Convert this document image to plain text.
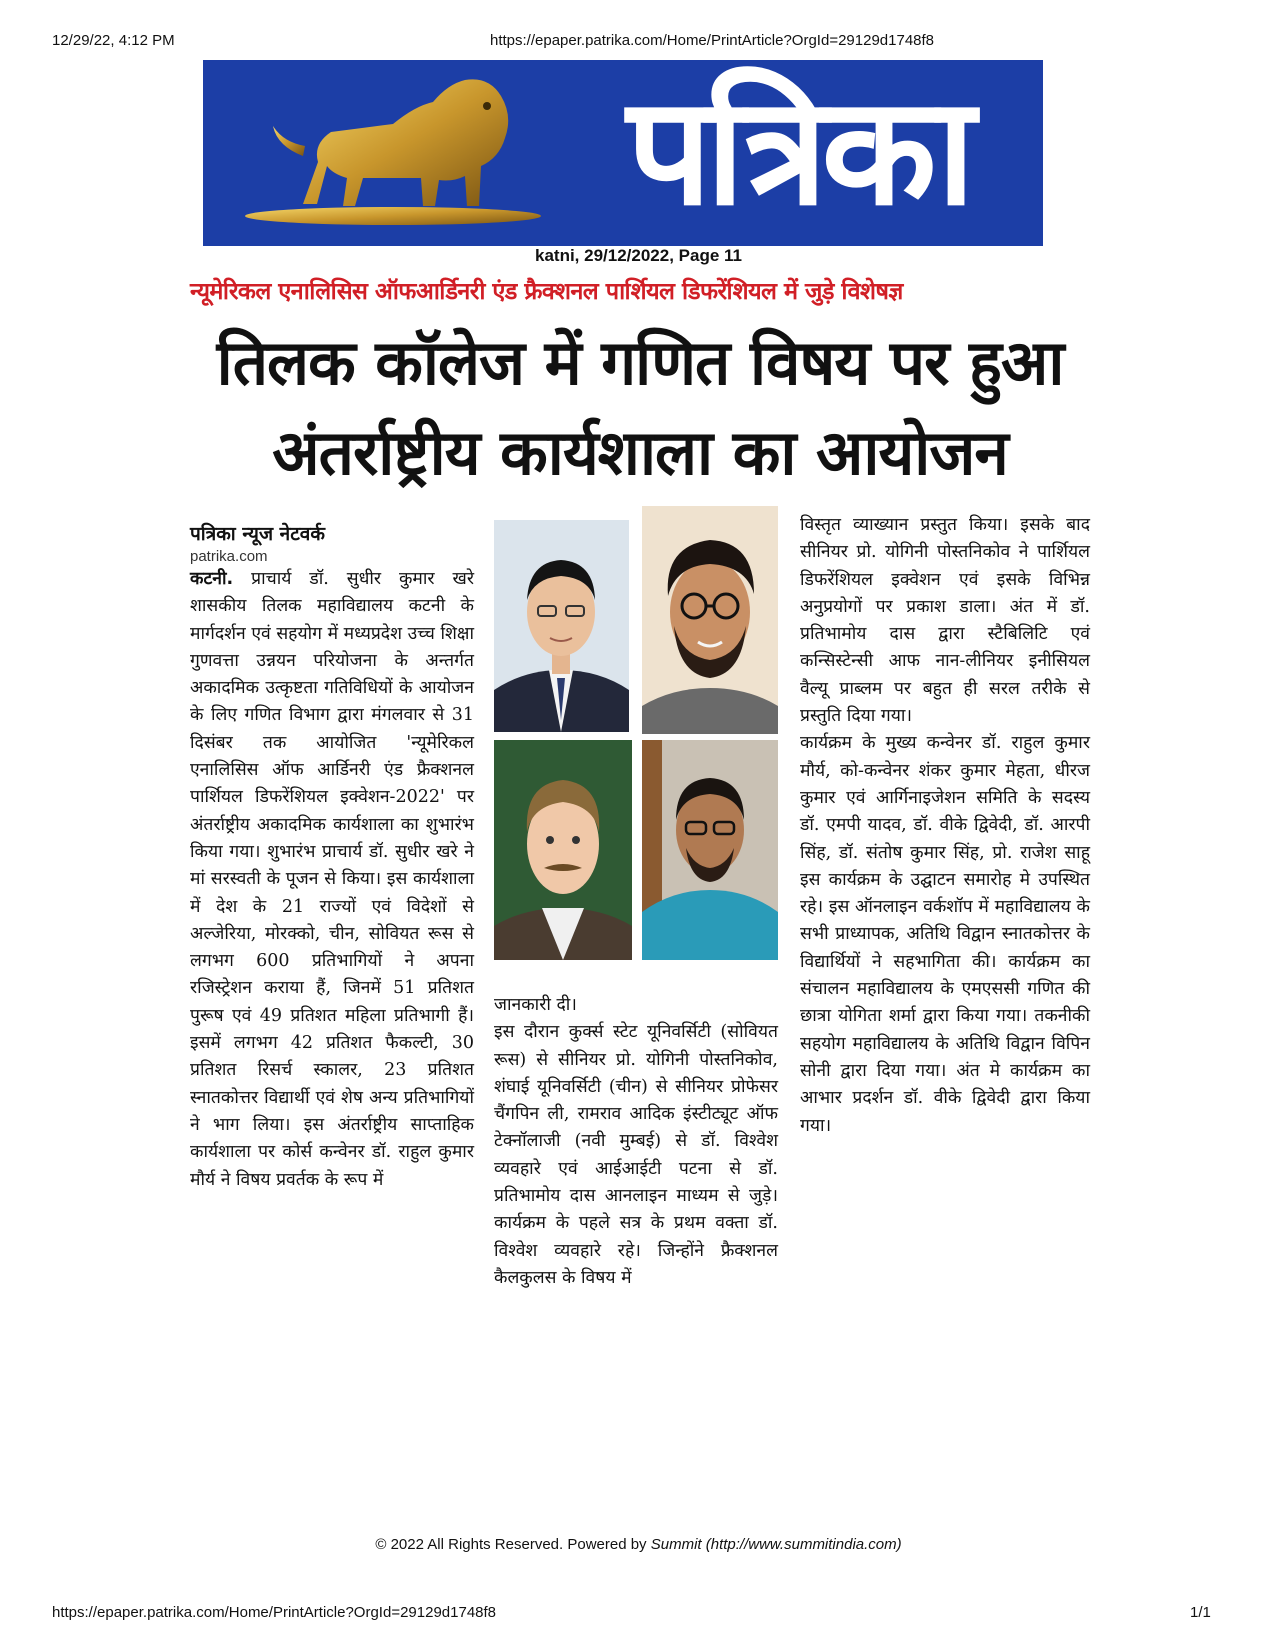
12/29/22, 4:12 PM	https://epaper.patrika.com/Home/PrintArticle?OrgId=29129d1748f8
पत्रिका
katni, 29/12/2022, Page 11
न्यूमेरिकल एनालिसिस ऑफआर्डिनरी एंड फ्रैक्शनल पार्शियल डिफरेंशियल में जुड़े विशेषज्ञ
तिलक कॉलेज में गणित विषय पर हुआ
अंतर्राष्ट्रीय कार्यशाला का आयोजन
पत्रिका न्यूज नेटवर्क
patrika.com
कटनी. प्राचार्य डॉ. सुधीर कुमार खरे शासकीय तिलक महाविद्यालय कटनी के मार्गदर्शन एवं सहयोग में मध्यप्रदेश उच्च शिक्षा गुणवत्ता उन्नयन परियोजना के अन्तर्गत अकादमिक उत्कृष्टता गतिविधियों के आयोजन के लिए गणित विभाग द्वारा मंगलवार से 31 दिसंबर तक आयोजित 'न्यूमेरिकल एनालिसिस ऑफ आर्डिनरी एंड फ्रैक्शनल पार्शियल डिफरेंशियल इक्वेशन-2022' पर अंतर्राष्ट्रीय अकादमिक कार्यशाला का शुभारंभ किया गया। शुभारंभ प्राचार्य डॉ. सुधीर खरे ने मां सरस्वती के पूजन से किया। इस कार्यशाला में देश के 21 राज्यों एवं विदेशों से अल्जेरिया, मोरक्को, चीन, सोवियत रूस से लगभग 600 प्रतिभागियों ने अपना रजिस्ट्रेशन कराया हैं, जिनमें 51 प्रतिशत पुरूष एवं 49 प्रतिशत महिला प्रतिभागी हैं। इसमें लगभग 42 प्रतिशत फैकल्टी, 30 प्रतिशत रिसर्च स्कालर, 23 प्रतिशत स्नातकोत्तर विद्यार्थी एवं शेष अन्य प्रतिभागियों ने भाग लिया। इस अंतर्राष्ट्रीय साप्ताहिक कार्यशाला पर कोर्स कन्वेनर डॉ. राहुल कुमार मौर्य ने विषय प्रवर्तक के रूप में
जानकारी दी।
इस दौरान कुर्क्स स्टेट यूनिवर्सिटी (सोवियत रूस) से सीनियर प्रो. योगिनी पोस्तनिकोव, शंघाई यूनिवर्सिटी (चीन) से सीनियर प्रोफेसर चैंगपिन ली, रामराव आदिक इंस्टीट्यूट ऑफ टेक्नॉलाजी (नवी मुम्बई) से डॉ. विश्वेश व्यवहारे एवं आईआईटी पटना से डॉ. प्रतिभामोय दास आनलाइन माध्यम से जुड़े। कार्यक्रम के पहले सत्र के प्रथम वक्ता डॉ. विश्वेश व्यवहारे रहे। जिन्होंने फ्रैक्शनल कैलकुलस के विषय में
विस्तृत व्याख्यान प्रस्तुत किया। इसके बाद सीनियर प्रो. योगिनी पोस्तनिकोव ने पार्शियल डिफरेंशियल इक्वेशन एवं इसके विभिन्न अनुप्रयोगों पर प्रकाश डाला। अंत में डॉ. प्रतिभामोय दास द्वारा स्टैबिलिटि एवं कन्सिस्टेन्सी आफ नान-लीनियर इनीसियल वैल्यू प्राब्लम पर बहुत ही सरल तरीके से प्रस्तुति दिया गया।
कार्यक्रम के मुख्य कन्वेनर डॉ. राहुल कुमार मौर्य, को-कन्वेनर शंकर कुमार मेहता, धीरज कुमार एवं आर्गिनाइजेशन समिति के सदस्य डॉ. एमपी यादव, डॉ. वीके द्विवेदी, डॉ. आरपी सिंह, डॉ. संतोष कुमार सिंह, प्रो. राजेश साहू इस कार्यक्रम के उद्घाटन समारोह मे उपस्थित रहे। इस ऑनलाइन वर्कशॉप में महाविद्यालय के सभी प्राध्यापक, अतिथि विद्वान स्नातकोत्तर के विद्यार्थियों ने सहभागिता की। कार्यक्रम का संचालन महाविद्यालय के एमएससी गणित की छात्रा योगिता शर्मा द्वारा किया गया। तकनीकी सहयोग महाविद्यालय के अतिथि विद्वान विपिन सोनी द्वारा दिया गया। अंत मे कार्यक्रम का आभार प्रदर्शन डॉ. वीके द्विवेदी द्वारा किया गया।
© 2022 All Rights Reserved. Powered by Summit (http://www.summitindia.com)
https://epaper.patrika.com/Home/PrintArticle?OrgId=29129d1748f8	1/1
